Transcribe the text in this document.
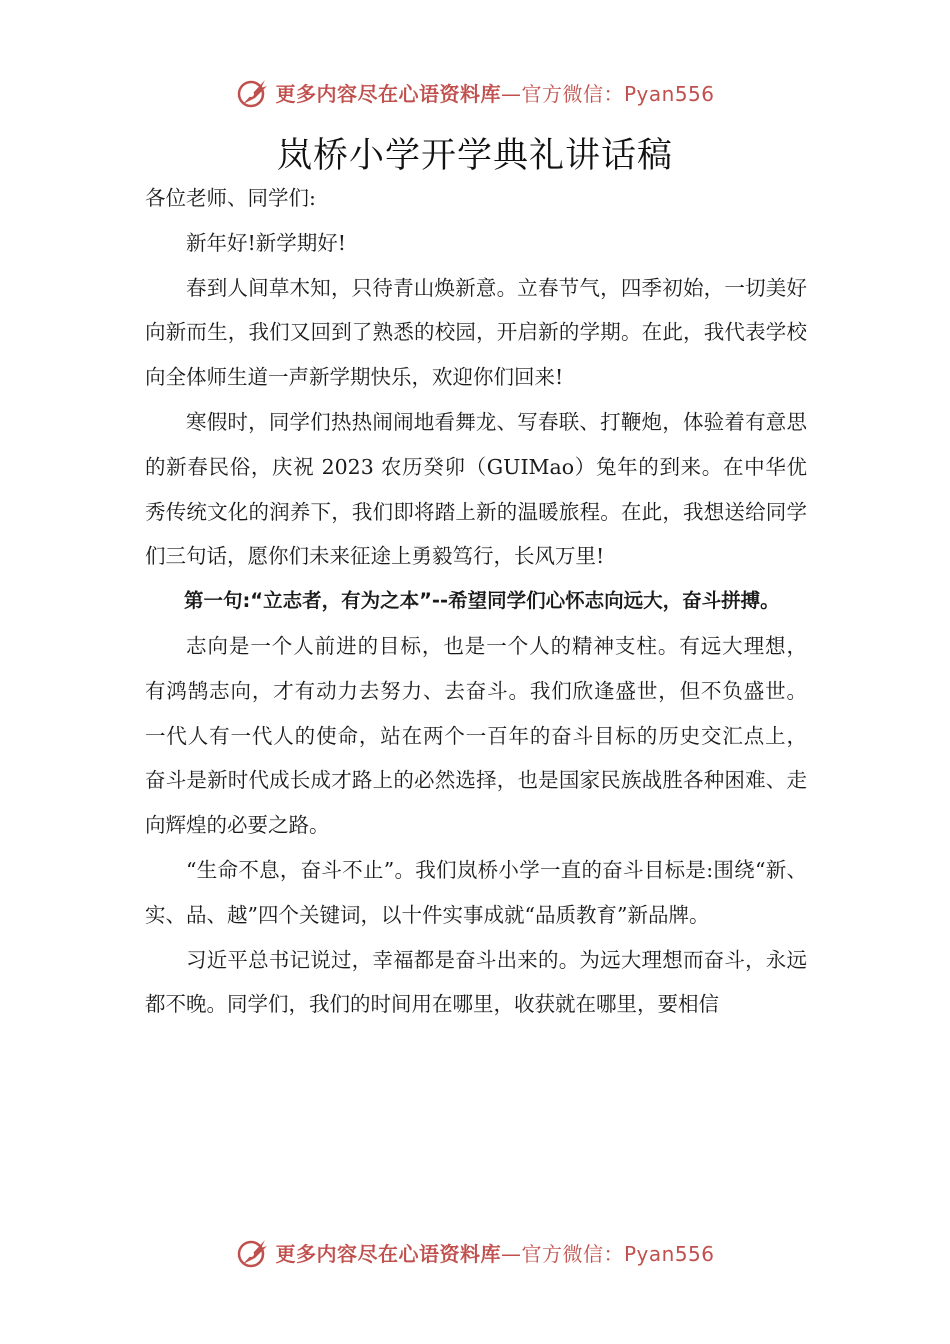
更多内容尽在心语资料库—官方微信：Pyan556
岚桥小学开学典礼讲话稿

各位老师、同学们:

新年好!新学期好!

春到人间草木知，只待青山焕新意。立春节气，四季初始，一切美好向新而生，我们又回到了熟悉的校园，开启新的学期。在此，我代表学校向全体师生道一声新学期快乐，欢迎你们回来!

寒假时，同学们热热闹闹地看舞龙、写春联、打鞭炮，体验着有意思的新春民俗，庆祝 2023 农历癸卯（GUIMao）兔年的到来。在中华优秀传统文化的润养下，我们即将踏上新的温暖旅程。在此，我想送给同学们三句话，愿你们未来征途上勇毅笃行，长风万里!

第一句:“立志者，有为之本”--希望同学们心怀志向远大，奋斗拼搏。

志向是一个人前进的目标，也是一个人的精神支柱。有远大理想， 有鸿鹄志向，才有动力去努力、去奋斗。我们欣逢盛世，但不负盛世。 一代人有一代人的使命，站在两个一百年的奋斗目标的历史交汇点上， 奋斗是新时代成长成才路上的必然选择，也是国家民族战胜各种困难、走向辉煌的必要之路。

“生命不息，奋斗不止”。我们岚桥小学一直的奋斗目标是:围绕“新、实、品、越”四个关键词，以十件实事成就“品质教育”新品牌。

习近平总书记说过，幸福都是奋斗出来的。为远大理想而奋斗，永远都不晚。同学们，我们的时间用在哪里，收获就在哪里，要相信

更多内容尽在心语资料库—官方微信：Pyan556
